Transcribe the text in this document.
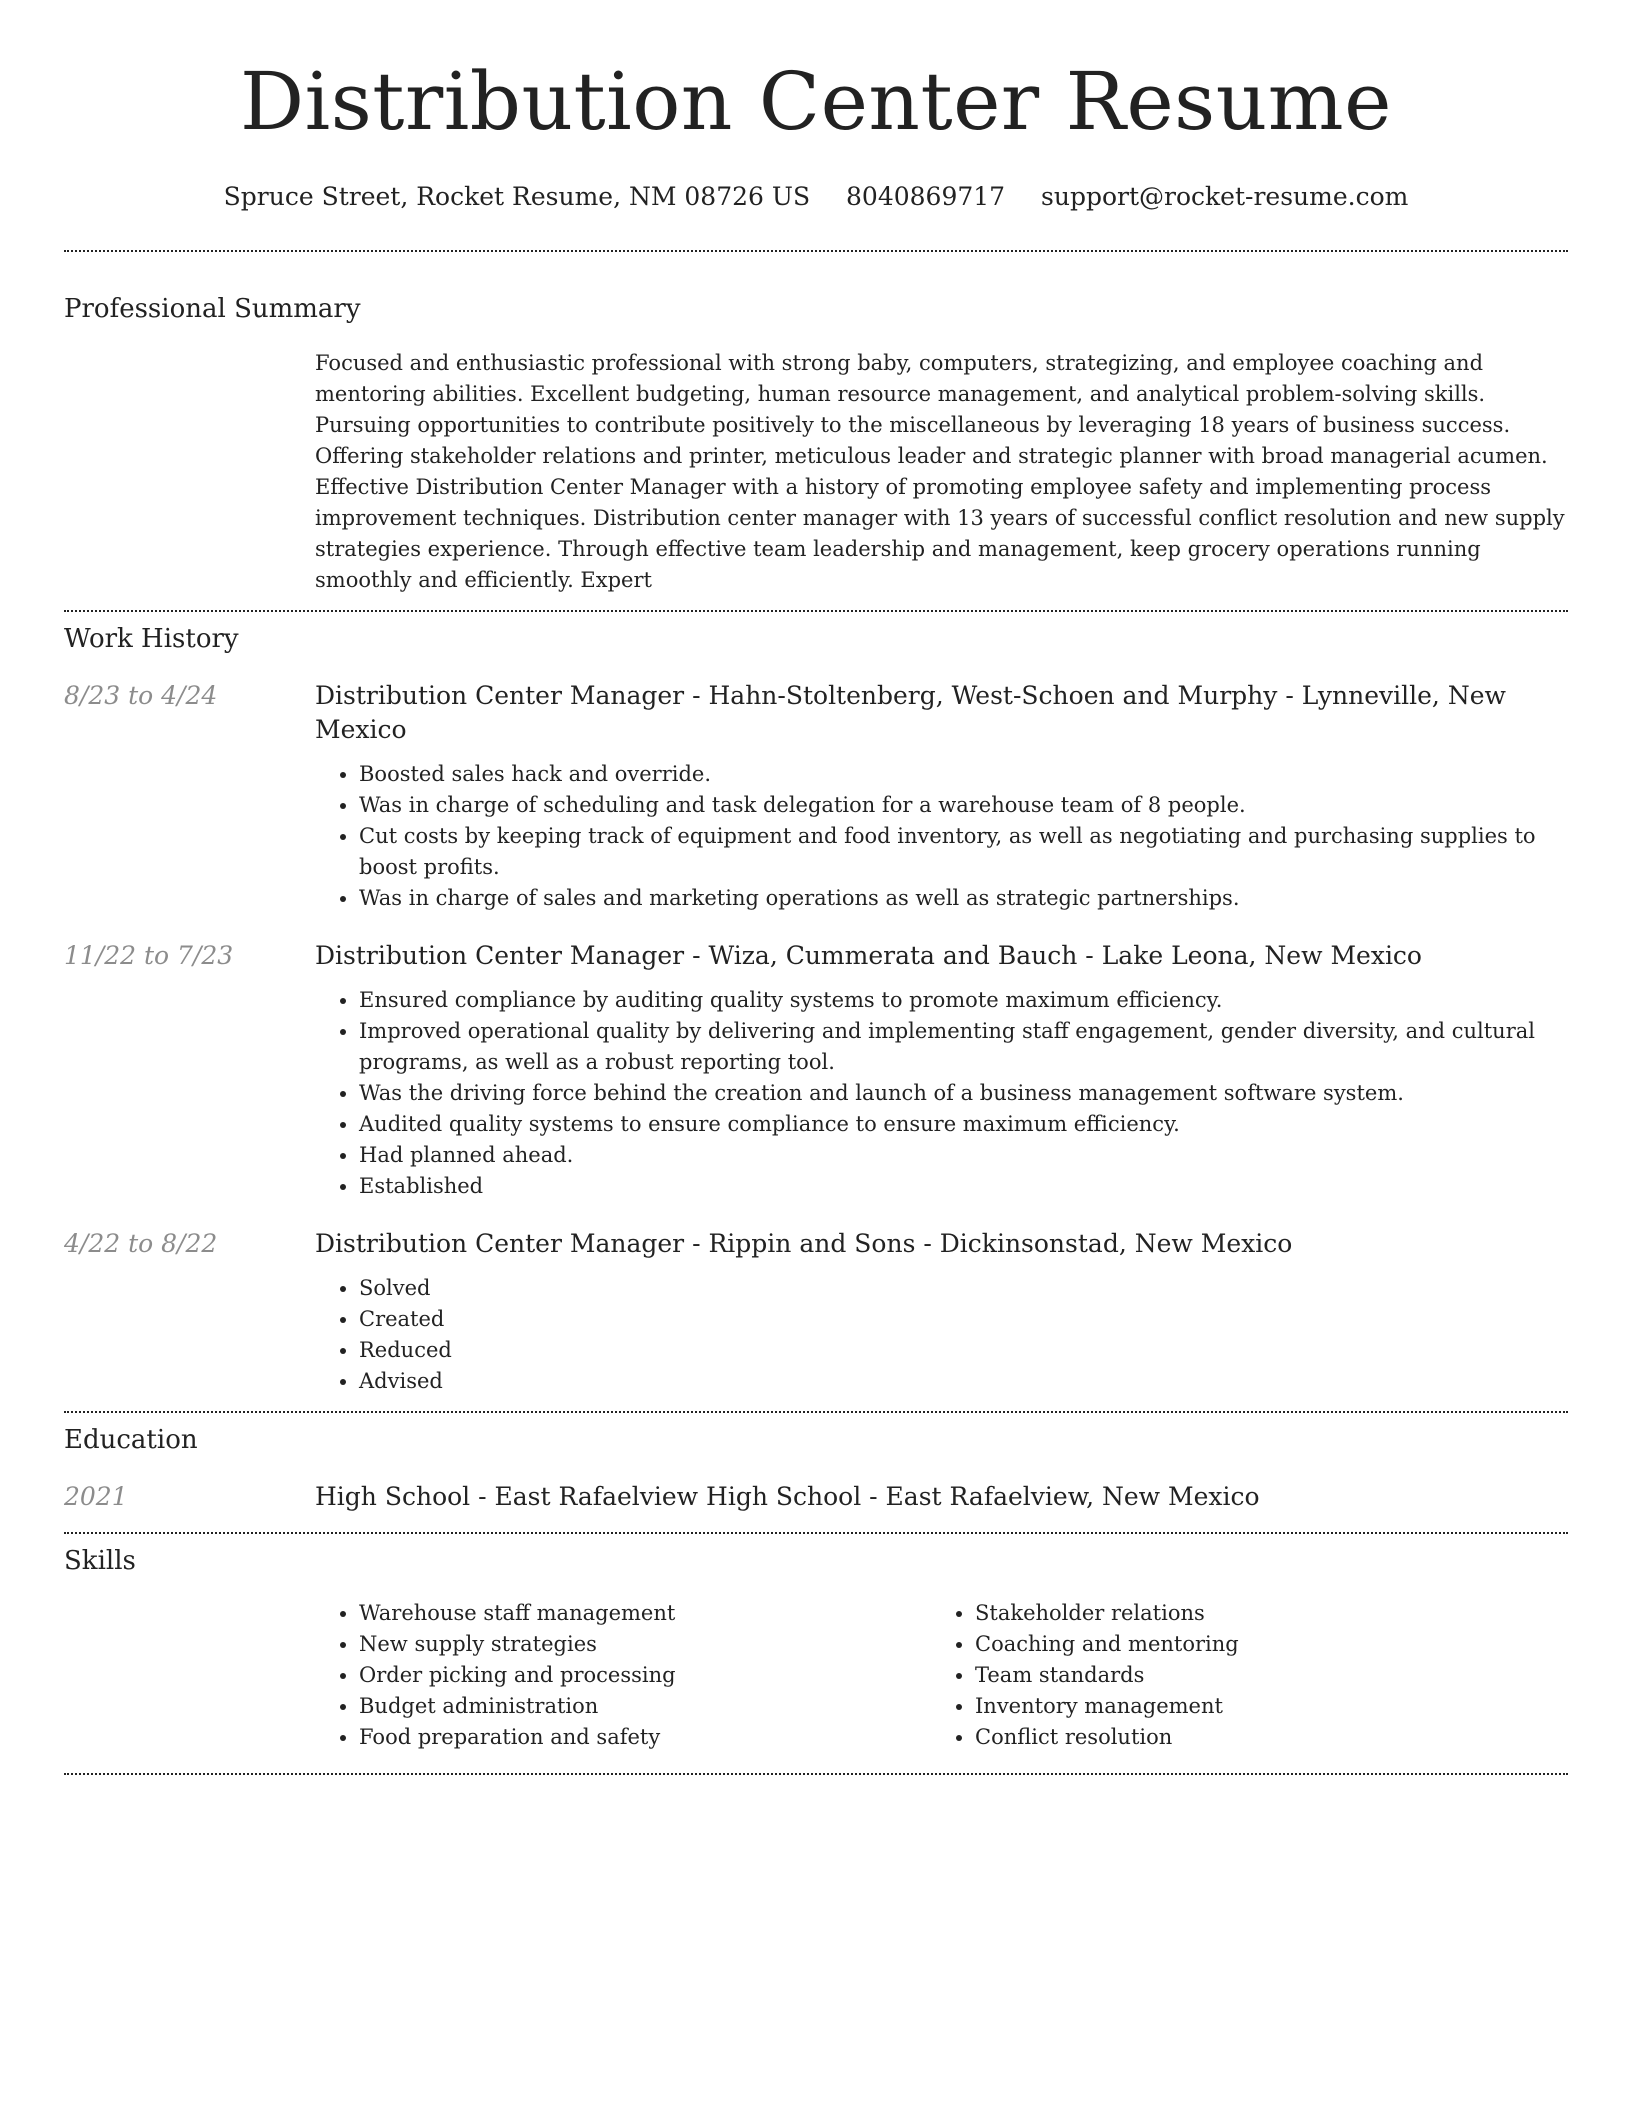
Distribution Center Resume
Spruce Street, Rocket Resume, NM 08726 US 8040869717 support@rocket-resume.com
Professional Summary

Focused and enthusiastic professional with strong baby, computers, strategizing, and employee coaching and mentoring abilities. Excellent budgeting, human resource management, and analytical problem-solving skills. Pursuing opportunities to contribute positively to the miscellaneous by leveraging 18 years of business success. Offering stakeholder relations and printer, meticulous leader and strategic planner with broad managerial acumen. Effective Distribution Center Manager with a history of promoting employee safety and implementing process improvement techniques. Distribution center manager with 13 years of successful conflict resolution and new supply strategies experience. Through effective team leadership and management, keep grocery operations running smoothly and efficiently. Expert

Work History
8/23 to 4/24	Distribution Center Manager - Hahn-Stoltenberg, West-Schoen and Murphy - Lynneville, New Mexico

• Boosted sales hack and override.
• Was in charge of scheduling and task delegation for a warehouse team of 8 people.
• Cut costs by keeping track of equipment and food inventory, as well as negotiating and purchasing supplies to boost profits.
• Was in charge of sales and marketing operations as well as strategic partnerships.
11/22 to 7/23	Distribution Center Manager - Wiza, Cummerata and Bauch - Lake Leona, New Mexico

• Ensured compliance by auditing quality systems to promote maximum efficiency.
• Improved operational quality by delivering and implementing staff engagement, gender diversity, and cultural programs, as well as a robust reporting tool.
• Was the driving force behind the creation and launch of a business management software system.
• Audited quality systems to ensure compliance to ensure maximum efficiency.
• Had planned ahead.
• Established
4/22 to 8/22	Distribution Center Manager - Rippin and Sons - Dickinsonstad, New Mexico

• Solved
• Created
• Reduced
• Advised
Education
2021	High School - East Rafaelview High School - East Rafaelview, New Mexico

Skills
• Warehouse staff management
• New supply strategies
• Order picking and processing
• Budget administration
• Food preparation and safety
• Stakeholder relations
• Coaching and mentoring
• Team standards
• Inventory management
• Conflict resolution
